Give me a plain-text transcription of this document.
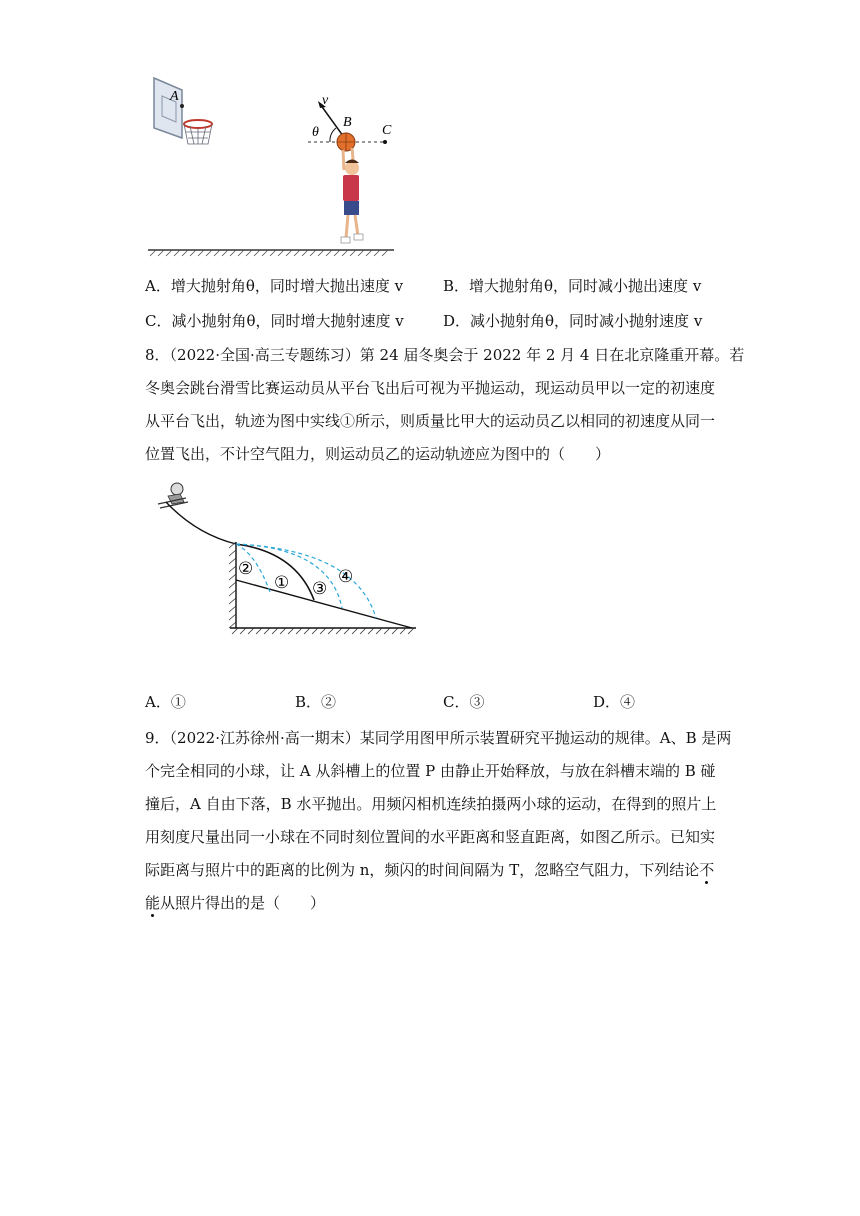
A	v
θ
B
C
A．增大抛射角θ，同时增大抛出速度 v	B．增大抛射角θ，同时减小抛出速度 v
C．减小抛射角θ，同时增大抛射速度 v	D．减小抛射角θ，同时减小抛射速度 v
8．（2022·全国·高三专题练习）第 24 届冬奥会于 2022 年 2 月 4 日在北京隆重开幕。若
冬奥会跳台滑雪比赛运动员从平台飞出后可视为平抛运动，现运动员甲以一定的初速度
从平台飞出，轨迹为图中实线①所示，则质量比甲大的运动员乙以相同的初速度从同一
位置飞出，不计空气阻力，则运动员乙的运动轨迹应为图中的（　　）
②
① ③
④
A．①	B．②	C．③	D．④
9．（2022·江苏徐州·高一期末）某同学用图甲所示装置研究平抛运动的规律。A、B 是两
个完全相同的小球，让 A 从斜槽上的位置 P 由静止开始释放，与放在斜槽末端的 B 碰
撞后，A 自由下落，B 水平抛出。用频闪相机连续拍摄两小球的运动，在得到的照片上
用刻度尺量出同一小球在不同时刻位置间的水平距离和竖直距离，如图乙所示。已知实
际距离与照片中的距离的比例为 n，频闪的时间间隔为 T，忽略空气阻力，下列结论不
能从照片得出的是（　　）
